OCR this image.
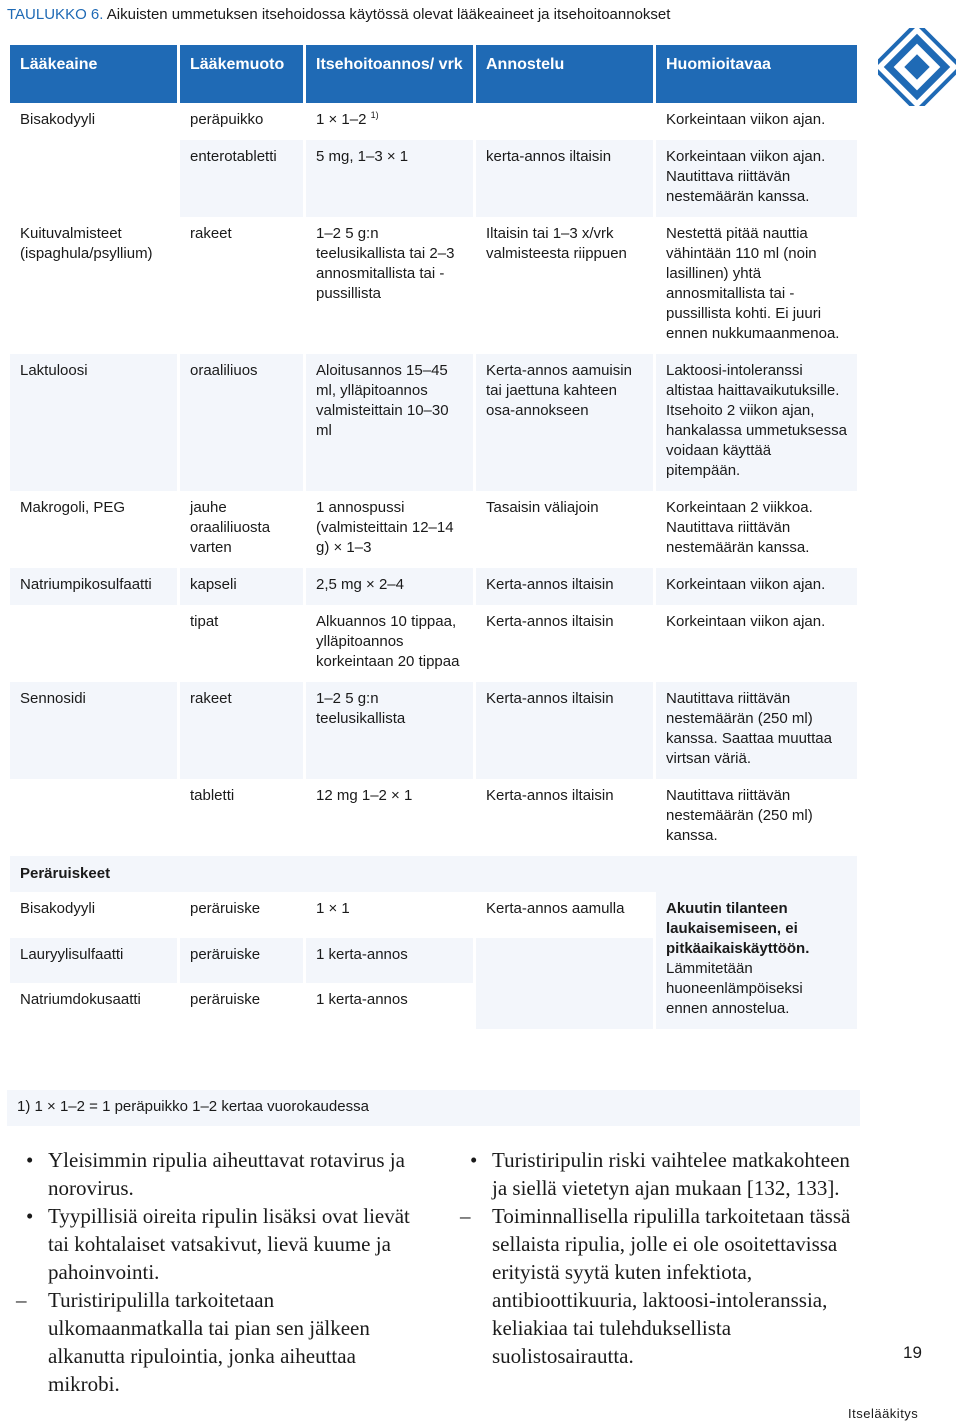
TAULUKKO 6. Aikuisten ummetuksen itsehoidossa käytössä olevat lääkeaineet ja itsehoitoannokset
Lääkeaine	Lääkemuoto	Itsehoitoannos/ vrk	Annostelu	Huomioitavaa
Bisakodyyli	peräpuikko	1 × 1–2 $^{1)}$		Korkeintaan viikon ajan.
	enterotabletti	5 mg, 1–3 × 1	kerta-annos iltaisin	Korkeintaan viikon ajan. Nautittava riittävän nestemäärän kanssa.
Kuituvalmisteet (ispaghula/psyllium)	rakeet	1–2 5 g:n teelusikallista tai 2–3 annosmitallista tai -pussillista	Iltaisin tai 1–3 x/vrk valmisteesta riippuen	Nestettä pitää nauttia vähintään 110 ml (noin lasillinen) yhtä annosmitallista tai -pussillista kohti. Ei juuri ennen nukkumaanmenoa.
Laktuloosi	oraaliliuos	Aloitusannos 15–45 ml, ylläpitoannos valmisteittain 10–30 ml	Kerta-annos aamuisin tai jaettuna kahteen osa-annokseen	Laktoosi-intoleranssi altistaa haittavaikutuksille. Itsehoito 2 viikon ajan, hankalassa ummetuksessa voidaan käyttää pitempään.
Makrogoli, PEG	jauhe oraaliliuosta varten	1 annospussi (valmisteittain 12–14 g) × 1–3	Tasaisin väliajoin	Korkeintaan 2 viikkoa. Nautittava riittävän nestemäärän kanssa.
Natriumpikosulfaatti	kapseli	2,5 mg × 2–4	Kerta-annos iltaisin	Korkeintaan viikon ajan.
	tipat	Alkuannos 10 tippaa, ylläpitoannos korkeintaan 20 tippaa	Kerta-annos iltaisin	Korkeintaan viikon ajan.
Sennosidi	rakeet	1–2 5 g:n teelusikallista	Kerta-annos iltaisin	Nautittava riittävän nestemäärän (250 ml) kanssa. Saattaa muuttaa virtsan väriä.
	tabletti	12 mg 1–2 × 1	Kerta-annos iltaisin	Nautittava riittävän nestemäärän (250 ml) kanssa.
Peräruiskeet				
Bisakodyyli	peräruiske	1 × 1	Kerta-annos aamulla	Akuutin tilanteen laukaisemiseen, ei pitkäaikaiskäyttöön.
Lämmitetään huoneenlämpöiseksi ennen annostelua.

Lauryylisulfaatti	peräruiske	1 kerta-annos		
Natriumdokusaatti	peräruiske	1 kerta-annos		
1) 1 × 1–2 = 1 peräpuikko 1–2 kertaa vuorokaudessa
• Yleisimmin ripulia aiheuttavat rotavirus ja norovirus.
• Tyypillisiä oireita ripulin lisäksi ovat lievät tai kohtalaiset vatsakivut, lievä kuume ja pahoinvointi.
– Turistiripulilla tarkoitetaan ulkomaanmatkalla tai pian sen jälkeen alkanutta ripulointia, jonka aiheuttaa mikrobi.
• Turistiripulin riski vaihtelee matkakohteen ja siellä vietetyn ajan mukaan [132, 133].
– Toiminnallisella ripulilla tarkoitetaan tässä sellaista ripulia, jolle ei ole osoitettavissa erityistä syytä kuten infektiota, antibioottikuuria, laktoosi-intoleranssia, keliakiaa tai tulehduksellista suolistosairautta.	19
Itselääkitys
